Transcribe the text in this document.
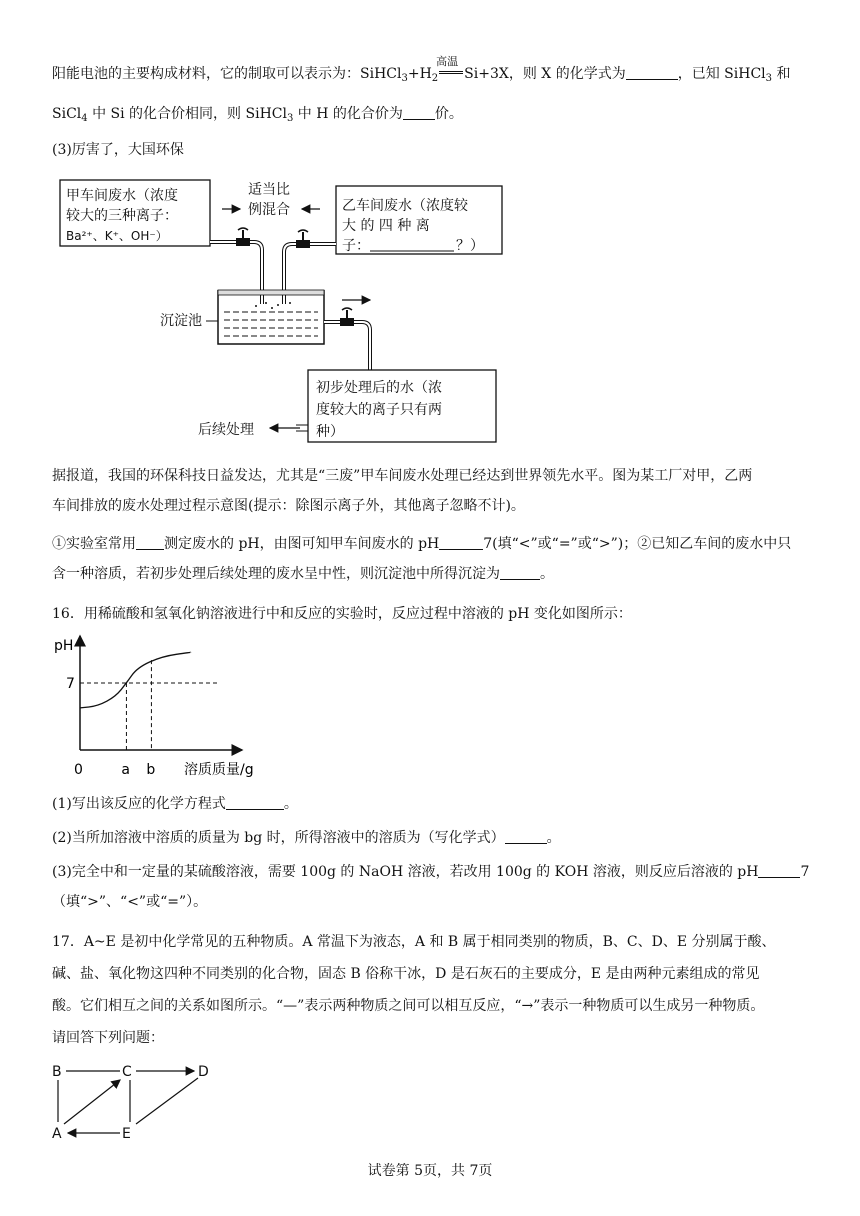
阳能电池的主要构成材料，它的制取可以表示为：$SiHCl_3+H_2$
高温
Si+3X，则 X 的化学式为	，已知 SiHCl$_3$ 和
SiCl$_4$ 中 Si 的化合价相同，则 SiHCl$_3$ 中 H 的化合价为 价。
(3)厉害了，大国环保
甲车间废水（浓度
较大的三种离子：
Ba²⁺、K⁺、OH⁻）
适当比
例混合	乙车间废水（浓度较
大 的 四 种 离
子：	？）
沉淀池
初步处理后的水（浓
度较大的离子只有两
种）
后续处理
据报道，我国的环保科技日益发达，尤其是“三废”甲车间废水处理已经达到世界领先水平。图为某工厂对甲，乙两
车间排放的废水处理过程示意图(提示：除图示离子外，其他离子忽略不计)。
①实验室常用 测定废水的 pH，由图可知甲车间废水的 pH	7(填“<”或“=”或“>”)；②已知乙车间的废水中只
含一种溶质，若初步处理后续处理的废水呈中性，则沉淀池中所得沉淀为	。
16．用稀硫酸和氢氧化钠溶液进行中和反应的实验时，反应过程中溶液的 pH 变化如图所示：
pH
溶质质量/g
7
0	a b
(1)写出该反应的化学方程式	。
(2)当所加溶液中溶质的质量为 bg 时，所得溶液中的溶质为（写化学式）	。
(3)完全中和一定量的某硫酸溶液，需要 100g 的 NaOH 溶液，若改用 100g 的 KOH 溶液，则反应后溶液的 pH	7
（填“>”、“<”或“=”）。
17．A~E 是初中化学常见的五种物质。A 常温下为液态，A 和 B 属于相同类别的物质，B、C、D、E 分别属于酸、
碱、盐、氧化物这四种不同类别的化合物，固态 B 俗称干冰，D 是石灰石的主要成分，E 是由两种元素组成的常见
酸。它们相互之间的关系如图所示。“—”表示两种物质之间可以相互反应，“→”表示一种物质可以生成另一种物质。
请回答下列问题：
B	C	D
A	E
试卷第 5页，共 7页
